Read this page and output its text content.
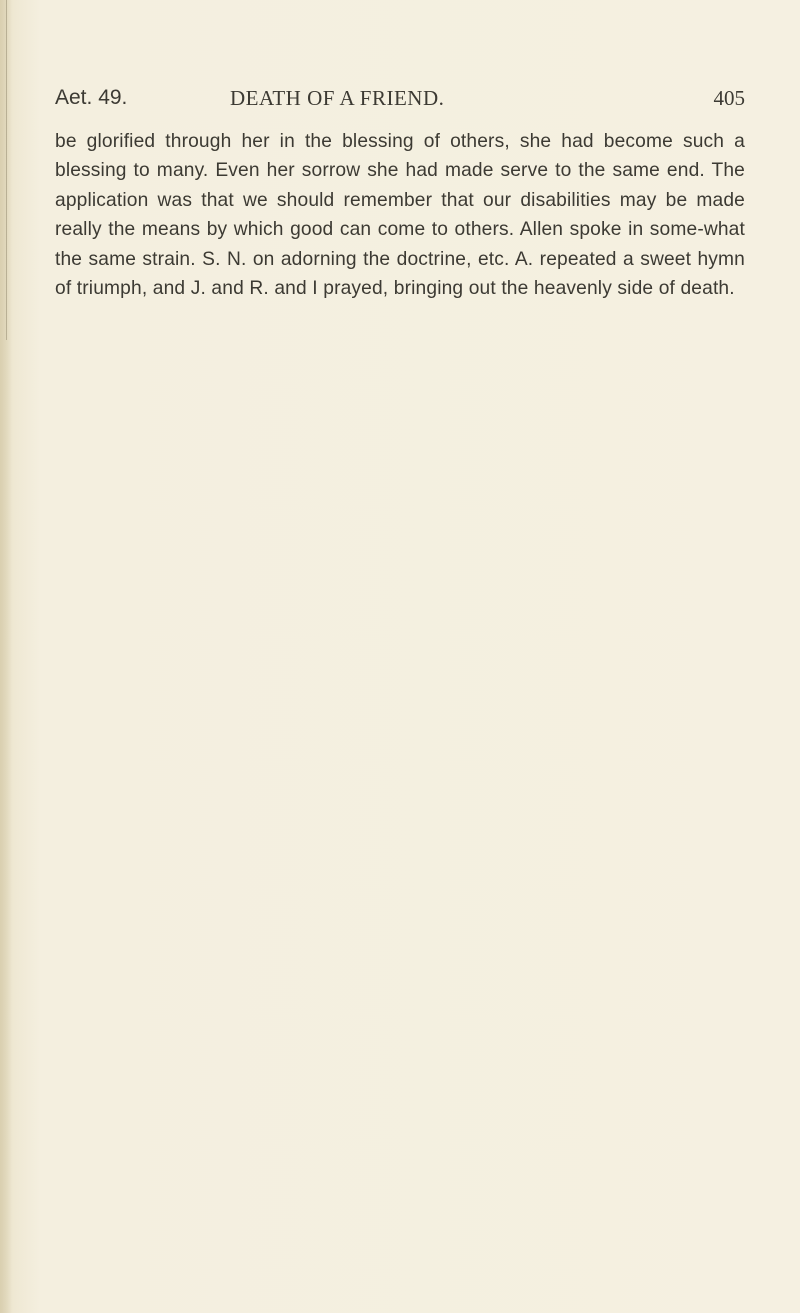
Aet. 49.	DEATH OF A FRIEND.	405

be glorified through her in the blessing of others, she had become such a blessing to many. Even her sorrow she had made serve to the same end. The application was that we should remember that our disabilities may be made really the means by which good can come to others. Allen spoke in some-what the same strain. S. N. on adorning the doctrine, etc. A. repeated a sweet hymn of triumph, and J. and R. and I prayed, bringing out the heavenly side of death.
